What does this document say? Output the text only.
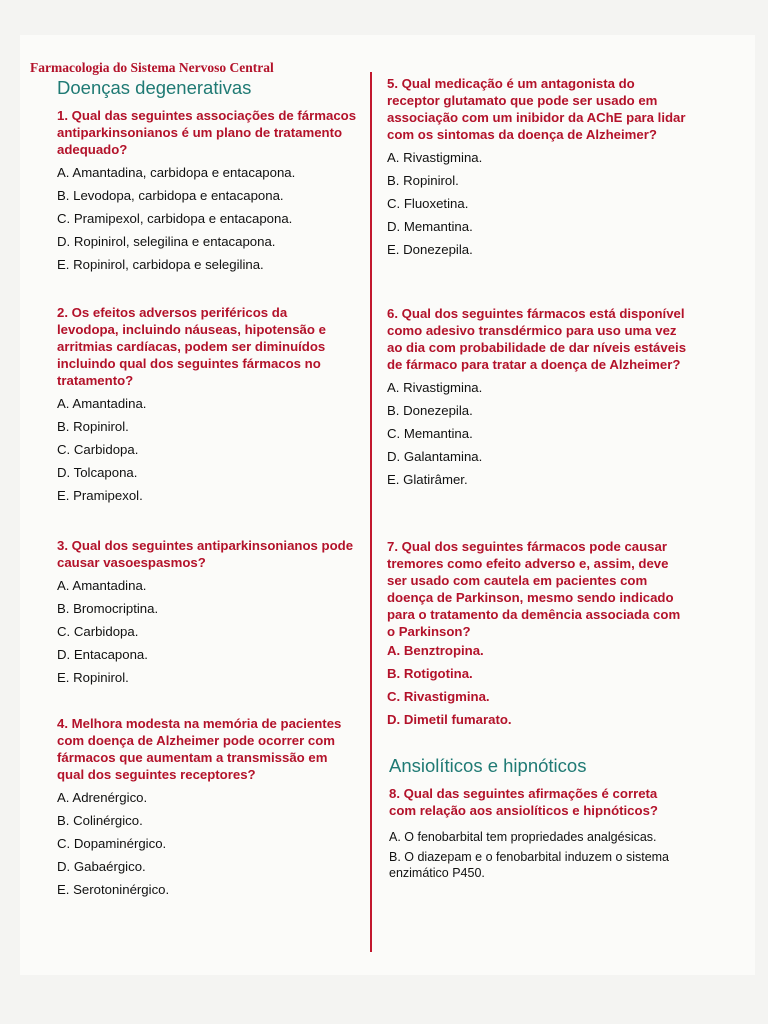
Farmacologia do Sistema Nervoso Central
Doenças degenerativas

1. Qual das seguintes associações de fármacos antiparkinsonianos é um plano de tratamento adequado?

A. Amantadina, carbidopa e entacapona.
B. Levodopa, carbidopa e entacapona.
C. Pramipexol, carbidopa e entacapona.
D. Ropinirol, selegilina e entacapona.
E. Ropinirol, carbidopa e selegilina.

2. Os efeitos adversos periféricos da levodopa, incluindo náuseas, hipotensão e arritmias cardíacas, podem ser diminuídos incluindo qual dos seguintes fármacos no tratamento?

A. Amantadina.
B. Ropinirol.
C. Carbidopa.
D. Tolcapona.
E. Pramipexol.

3. Qual dos seguintes antiparkinsonianos pode causar vasoespasmos?

A. Amantadina.
B. Bromocriptina.
C. Carbidopa.
D. Entacapona.
E. Ropinirol.

4. Melhora modesta na memória de pacientes com doença de Alzheimer pode ocorrer com fármacos que aumentam a transmissão em qual dos seguintes receptores?

A. Adrenérgico.
B. Colinérgico.
C. Dopaminérgico.
D. Gabaérgico.
E. Serotoninérgico.

5. Qual medicação é um antagonista do receptor glutamato que pode ser usado em associação com um inibidor da AChE para lidar com os sintomas da doença de Alzheimer?

A. Rivastigmina.
B. Ropinirol.
C. Fluoxetina.
D. Memantina.
E. Donezepila.

6. Qual dos seguintes fármacos está disponível como adesivo transdérmico para uso uma vez ao dia com probabilidade de dar níveis estáveis de fármaco para tratar a doença de Alzheimer?

A. Rivastigmina.
B. Donezepila.
C. Memantina.
D. Galantamina.
E. Glatirâmer.

7. Qual dos seguintes fármacos pode causar tremores como efeito adverso e, assim, deve ser usado com cautela em pacientes com doença de Parkinson, mesmo sendo indicado para o tratamento da demência associada com o Parkinson?

A. Benztropina.
B. Rotigotina.
C. Rivastigmina.
D. Dimetil fumarato.
Ansiolíticos e hipnóticos

8. Qual das seguintes afirmações é correta com relação aos ansiolíticos e hipnóticos?

A. O fenobarbital tem propriedades analgésicas.
B. O diazepam e o fenobarbital induzem o sistema enzimático P450.
